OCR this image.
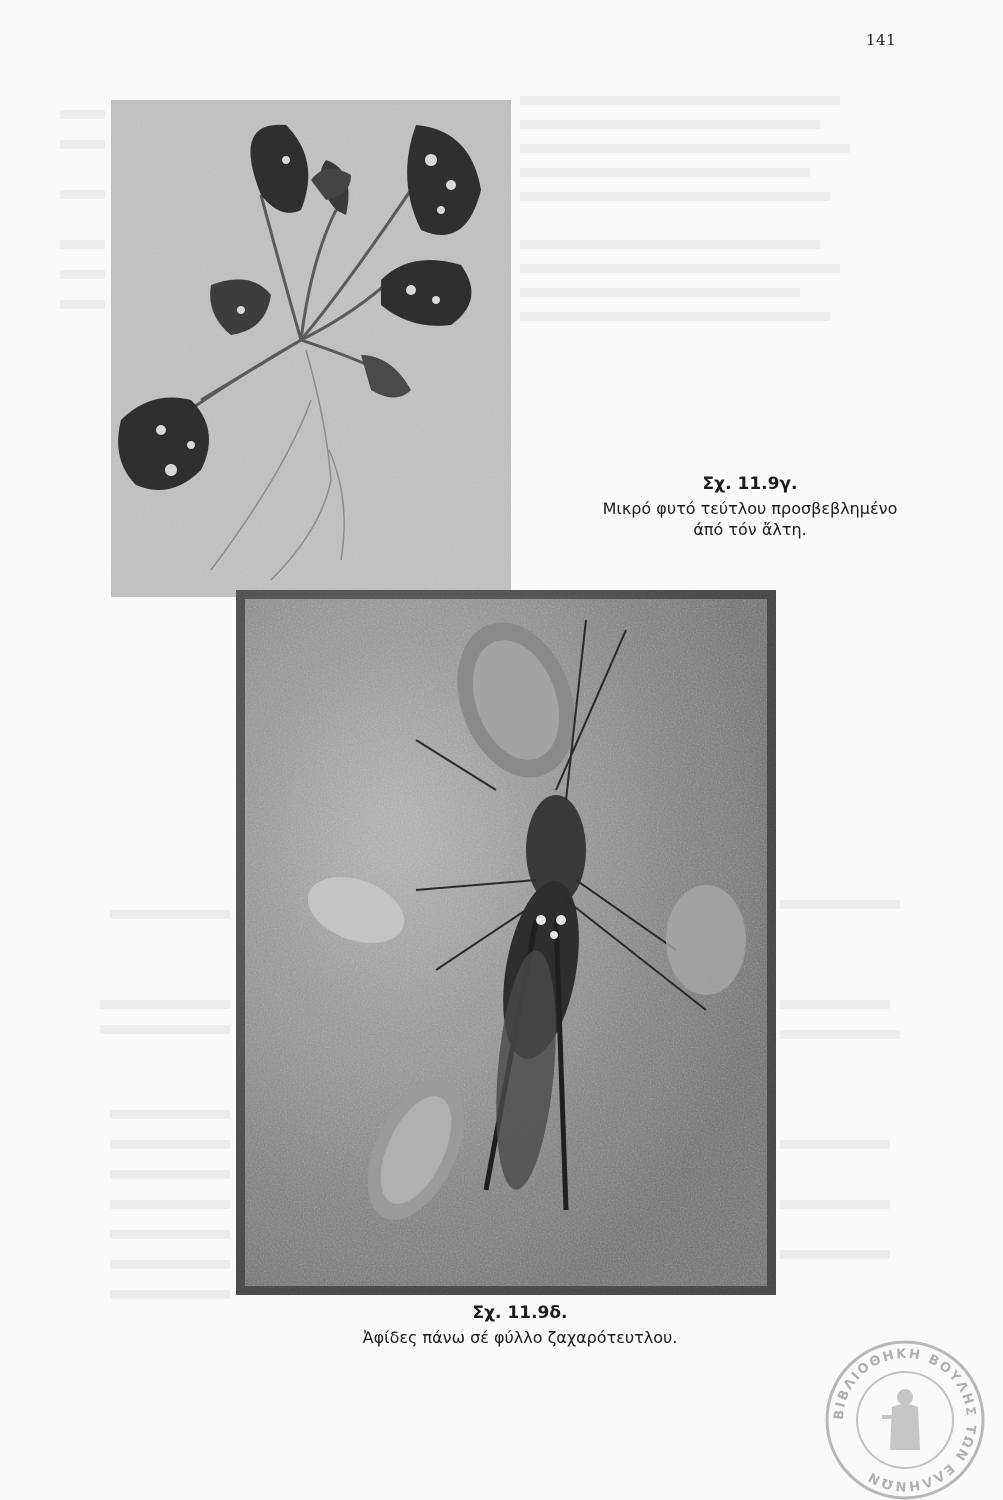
141
Σχ. 11.9γ.
Μικρό φυτό τεύτλου προσβεβλημένο
άπό τόν ἄλτη.
Σχ. 11.9δ.
Ἀφίδες πάνω σέ φύλλο ζαχαρότευτλου.
ΒΙΒΛΙΟΘΗΚΗ ΒΟΥΛΗΣ ΤΩΝ ΕΛΛΗΝΩΝ
